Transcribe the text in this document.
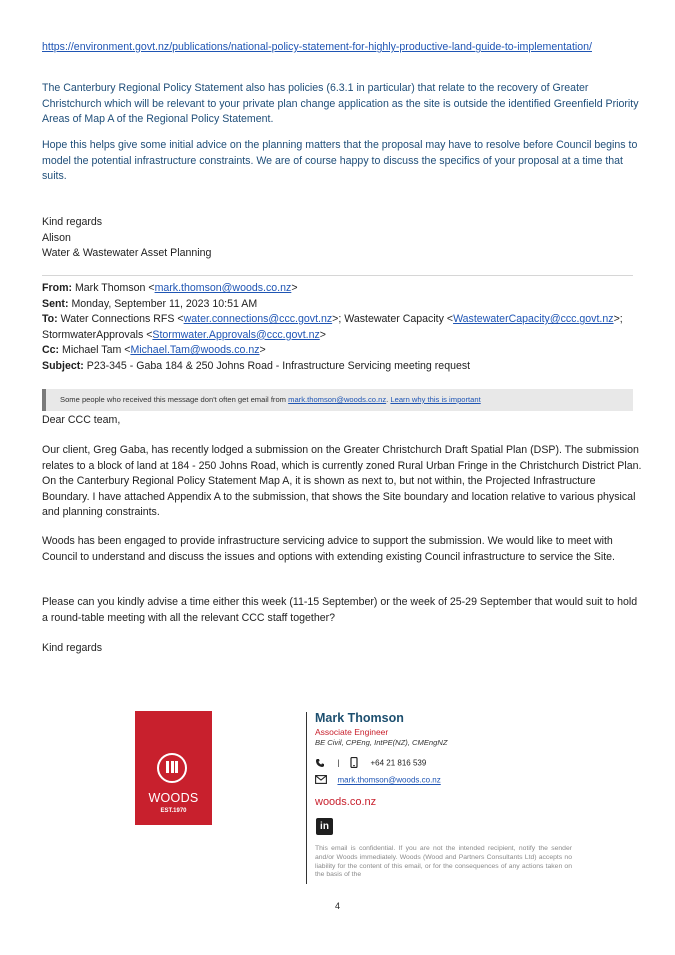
https://environment.govt.nz/publications/national-policy-statement-for-highly-productive-land-guide-to-implementation/
The Canterbury Regional Policy Statement also has policies (6.3.1 in particular) that relate to the recovery of Greater Christchurch which will be relevant to your private plan change application as the site is outside the identified Greenfield Priority Areas of Map A of the Regional Policy Statement.
Hope this helps give some initial advice on the planning matters that the proposal may have to resolve before Council begins to model the potential infrastructure constraints. We are of course happy to discuss the specifics of your proposal at a time that suits.
Kind regards
Alison
Water & Wastewater Asset Planning
From: Mark Thomson <mark.thomson@woods.co.nz>
Sent: Monday, September 11, 2023 10:51 AM
To: Water Connections RFS <water.connections@ccc.govt.nz>; Wastewater Capacity <WastewaterCapacity@ccc.govt.nz>; StormwaterApprovals <Stormwater.Approvals@ccc.govt.nz>
Cc: Michael Tam <Michael.Tam@woods.co.nz>
Subject: P23-345 - Gaba 184 & 250 Johns Road - Infrastructure Servicing meeting request
Some people who received this message don't often get email from mark.thomson@woods.co.nz. Learn why this is important
Dear CCC team,
Our client, Greg Gaba, has recently lodged a submission on the Greater Christchurch Draft Spatial Plan (DSP). The submission relates to a block of land at 184 - 250 Johns Road, which is currently zoned Rural Urban Fringe in the Christchurch District Plan. On the Canterbury Regional Policy Statement Map A, it is shown as next to, but not within, the Projected Infrastructure Boundary. I have attached Appendix A to the submission, that shows the Site boundary and location relative to various physical and planning constraints.
Woods has been engaged to provide infrastructure servicing advice to support the submission. We would like to meet with Council to understand and discuss the issues and options with extending existing Council infrastructure to service the Site.
Please can you kindly advise a time either this week (11-15 September) or the week of 25-29 September that would suit to hold a round-table meeting with all the relevant CCC staff together?
Kind regards
WOODS
EST.1970
Mark Thomson
Associate Engineer
BE Civil, CPEng, IntPE(NZ), CMEngNZ
|	+64 21 816 539
mark.thomson@woods.co.nz
woods.co.nz
in
This email is confidential. If you are not the intended recipient, notify the sender and/or Woods immediately. Woods (Wood and Partners Consultants Ltd) accepts no liability for the content of this email, or for the consequences of any actions taken on the basis of the
4
